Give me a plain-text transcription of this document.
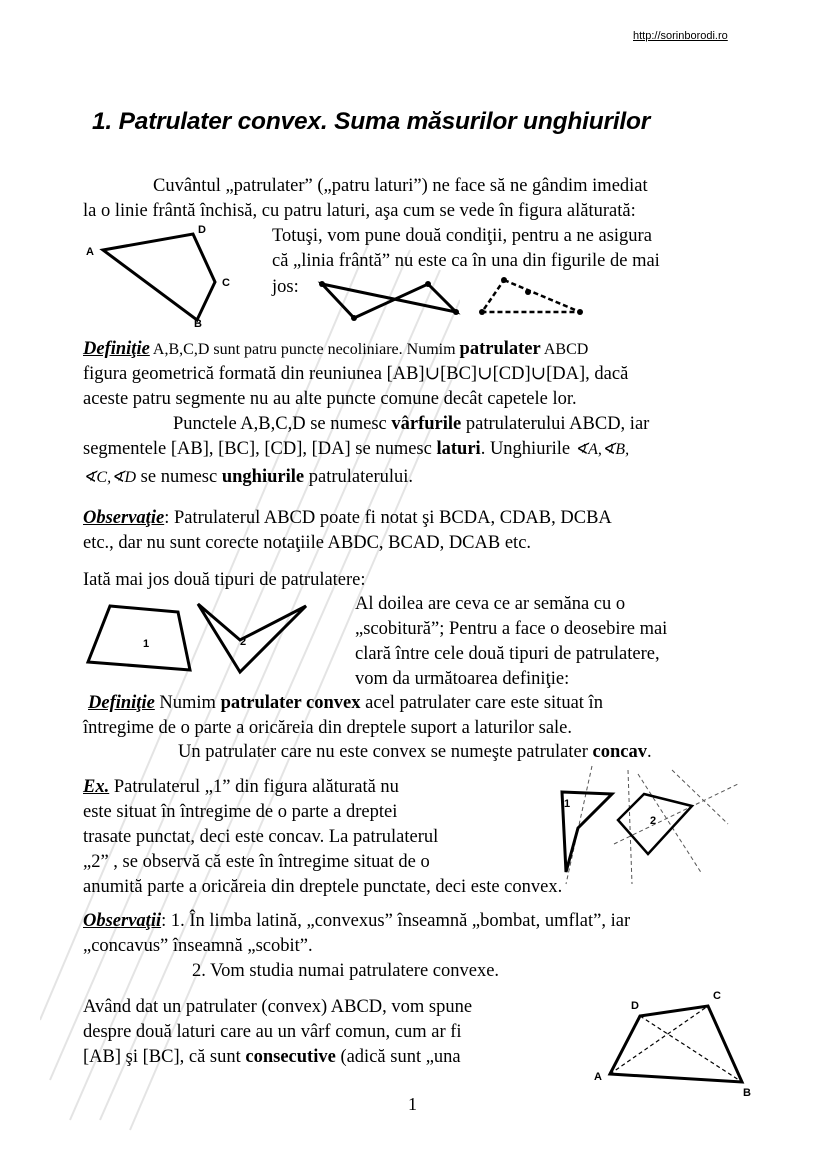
http://sorinborodi.ro
1. Patrulater convex. Suma măsurilor unghiurilor
Cuvântul „patrulater” („patru laturi”) ne face să ne gândim imediat
la o linie frântă închisă, cu patru laturi, aşa cum se vede în figura alăturată:
Totuşi, vom pune două condiţii, pentru a ne asigura
că „linia frântă” nu este ca în una din figurile de mai
jos:
A
D
C
B
Definiţie A,B,C,D sunt patru puncte necoliniare. Numim patrulater ABCD
figura geometrică formată din reuniunea [AB]∪[BC]∪[CD]∪[DA], dacă
aceste patru segmente nu au alte puncte comune decât capetele lor.
Punctele A,B,C,D se numesc vârfurile patrulaterului ABCD, iar
segmentele [AB], [BC], [CD], [DA] se numesc laturi. Unghiurile ∢A,∢B,
∢C,∢D se numesc unghiurile patrulaterului.
Observaţie: Patrulaterul ABCD poate fi notat şi BCDA, CDAB, DCBA
etc., dar nu sunt corecte notaţiile ABDC, BCAD, DCAB etc.
Iată mai jos două tipuri de patrulatere:
Al doilea are ceva ce ar semăna cu o
„scobitură”; Pentru a face o deosebire mai
clară între cele două tipuri de patrulatere,
vom da următoarea definiţie:
1	2
Definiţie Numim patrulater convex acel patrulater care este situat în
întregime de o parte a oricăreia din dreptele suport a laturilor sale.
Un patrulater care nu este convex se numeşte patrulater concav.
Ex. Patrulaterul „1” din figura alăturată nu
este situat în întregime de o parte a dreptei
trasate punctat, deci este concav. La patrulaterul
„2” , se observă că este în întregime situat de o
anumită parte a oricăreia din dreptele punctate, deci este convex.
1
2
Observaţii: 1. În limba latină, „convexus” înseamnă „bombat, umflat”, iar
„concavus” înseamnă „scobit”.
2. Vom studia numai patrulatere convexe.
Având dat un patrulater (convex) ABCD, vom spune
despre două laturi care au un vârf comun, cum ar fi
[AB] şi [BC], că sunt consecutive (adică sunt „una
A
D
C
B
1
